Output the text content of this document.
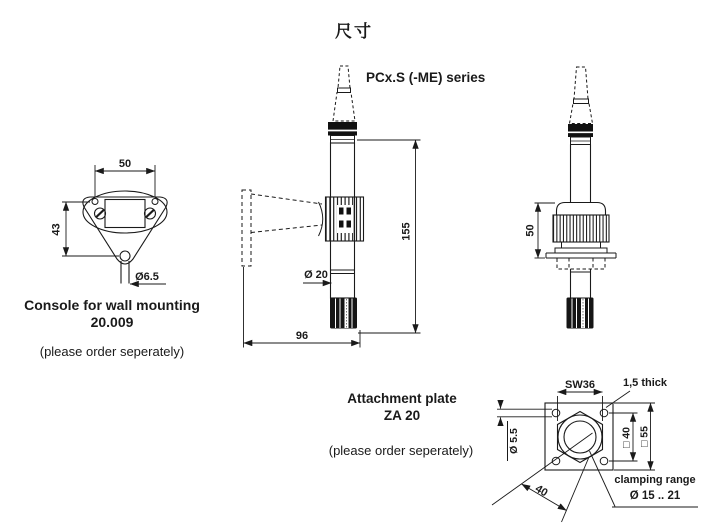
尺寸
PCx.S (-ME) series
50
43
Ø6.5
Console for wall mounting
20.009
(please order seperately)
Ø 20
96
155	50
Attachment plate
ZA 20
(please order seperately)
SW36	1,5 thick
Ø 5.5	□ 40 □ 55
40
clamping range
Ø 15 .. 21
